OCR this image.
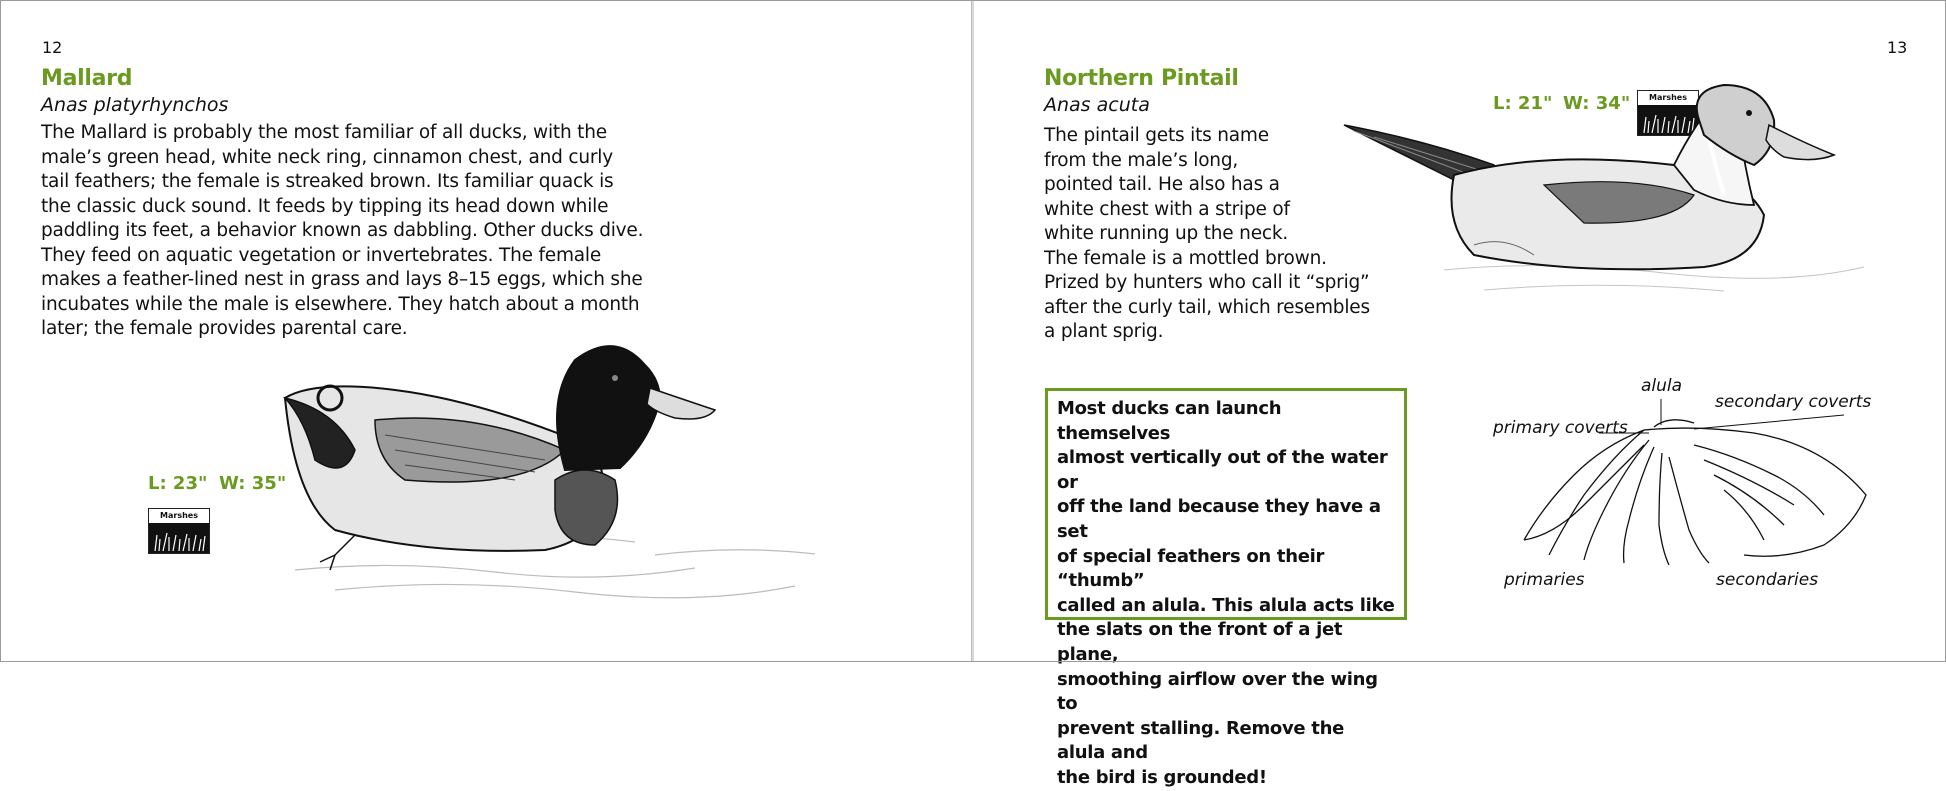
12
Mallard
Anas platyrhynchos
The Mallard is probably the most familiar of all ducks, with the
male’s green head, white neck ring, cinnamon chest, and curly
tail feathers; the female is streaked brown. Its familiar quack is
the classic duck sound. It feeds by tipping its head down while
paddling its feet, a behavior known as dabbling. Other ducks dive.
They feed on aquatic vegetation or invertebrates. The female
makes a feather-lined nest in grass and lays 8–15 eggs, which she
incubates while the male is elsewhere. They hatch about a month
later; the female provides parental care.
L: 23" W: 35"
Marshes
13
Northern Pintail
Anas acuta
The pintail gets its name
from the male’s long,
pointed tail. He also has a
white chest with a stripe of
white running up the neck.
The female is a mottled brown.
Prized by hunters who call it “sprig”
after the curly tail, which resembles
a plant sprig.
L: 21" W: 34"	Marshes
Most ducks can launch themselves
almost vertically out of the water or
off the land because they have a set
of special feathers on their “thumb”
called an alula. This alula acts like
the slats on the front of a jet plane,
smoothing airflow over the wing to
prevent stalling. Remove the alula and
the bird is grounded!
alula
secondary coverts
primary coverts
primaries	secondaries
